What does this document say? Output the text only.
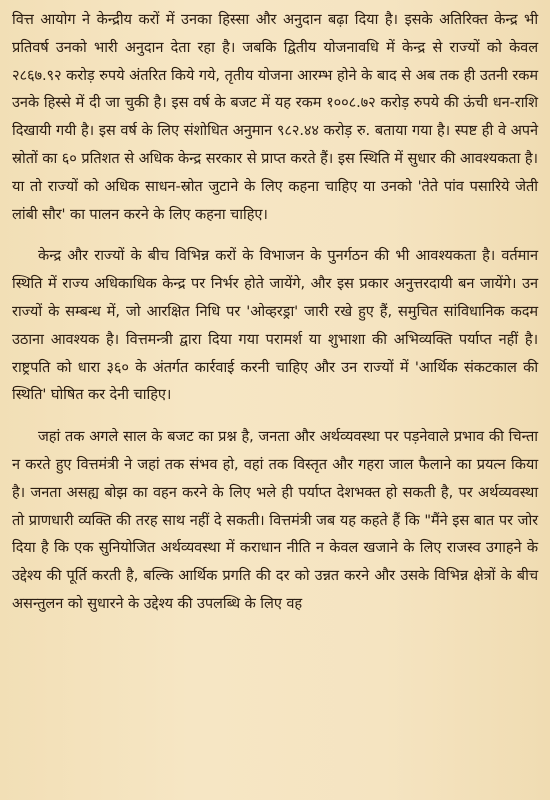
वित्त आयोग ने केन्द्रीय करों में उनका हिस्सा और अनुदान बढ़ा दिया है। इसके अतिरिक्त केन्द्र भी प्रतिवर्ष उनको भारी अनुदान देता रहा है। जबकि द्वितीय योजनावधि में केन्द्र से राज्यों को केवल २८६७.९२ करोड़ रुपये अंतरित किये गये, तृतीय योजना आरम्भ होने के बाद से अब तक ही उतनी रकम उनके हिस्से में दी जा चुकी है। इस वर्ष के बजट में यह रकम १००८.७२ करोड़ रुपये की ऊंची धन-राशि दिखायी गयी है। इस वर्ष के लिए संशोधित अनुमान ९८२.४४ करोड़ रु. बताया गया है। स्पष्ट ही वे अपने स्रोतों का ६० प्रतिशत से अधिक केन्द्र सरकार से प्राप्त करते हैं। इस स्थिति में सुधार की आवश्यकता है। या तो राज्यों को अधिक साधन-स्रोत जुटाने के लिए कहना चाहिए या उनको 'तेते पांव पसारिये जेती लांबी सौर' का पालन करने के लिए कहना चाहिए।

केन्द्र और राज्यों के बीच विभिन्न करों के विभाजन के पुनर्गठन की भी आवश्यकता है। वर्तमान स्थिति में राज्य अधिकाधिक केन्द्र पर निर्भर होते जायेंगे, और इस प्रकार अनुत्तरदायी बन जायेंगे। उन राज्यों के सम्बन्ध में, जो आरक्षित निधि पर 'ओव्हरड्रा' जारी रखे हुए हैं, समुचित सांविधानिक कदम उठाना आवश्यक है। वित्तमन्त्री द्वारा दिया गया परामर्श या शुभाशा की अभिव्यक्ति पर्याप्त नहीं है। राष्ट्रपति को धारा ३६० के अंतर्गत कार्रवाई करनी चाहिए और उन राज्यों में 'आर्थिक संकटकाल की स्थिति' घोषित कर देनी चाहिए।

जहां तक अगले साल के बजट का प्रश्न है, जनता और अर्थव्यवस्था पर पड़नेवाले प्रभाव की चिन्ता न करते हुए वित्तमंत्री ने जहां तक संभव हो, वहां तक विस्तृत और गहरा जाल फैलाने का प्रयत्न किया है। जनता असह्य बोझ का वहन करने के लिए भले ही पर्याप्त देशभक्त हो सकती है, पर अर्थव्यवस्था तो प्राणधारी व्यक्ति की तरह साथ नहीं दे सकती। वित्तमंत्री जब यह कहते हैं कि "मैंने इस बात पर जोर दिया है कि एक सुनियोजित अर्थव्यवस्था में कराधान नीति न केवल खजाने के लिए राजस्व उगाहने के उद्देश्य की पूर्ति करती है, बल्कि आर्थिक प्रगति की दर को उन्नत करने और उसके विभिन्न क्षेत्रों के बीच असन्तुलन को सुधारने के उद्देश्य की उपलब्धि के लिए वह
